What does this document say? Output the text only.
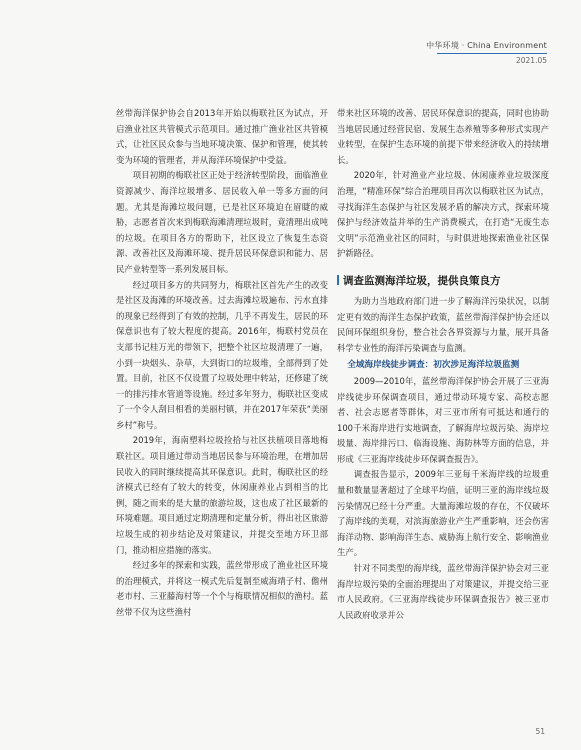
中华环境 · China Environment
2021.05

丝带海洋保护协会自2013年开始以梅联社区为试点，开启渔业社区共管模式示范项目。通过推广渔业社区共管模式，让社区民众参与当地环境决策、保护和管理，使其转变为环境的管理者，并从海洋环境保护中受益。

项目初期的梅联社区正处于经济转型阶段，面临渔业资源减少、海洋垃圾增多、居民收入单一等多方面的问题。尤其是海滩垃圾问题，已是社区环境迫在眉睫的威胁，志愿者首次来到梅联海滩清理垃圾时，竟清理出成吨的垃圾。在项目各方的帮助下，社区设立了恢复生态资源、改善社区及海滩环境、提升居民环保意识和能力、居民产业转型等一系列发展目标。

经过项目多方的共同努力，梅联社区首先产生的改变是社区及海滩的环境改善。过去海滩垃圾遍布、污水直排的现象已经得到了有效的控制，几乎不再发生，居民的环保意识也有了较大程度的提高。2016年，梅联村党员在支部书记桂万光的带领下，把整个社区垃圾清理了一遍，小到一块烟头、杂草，大到街口的垃圾堆，全部得到了处置。目前，社区不仅设置了垃圾处理中转站，还修建了统一的排污排水管道等设施。经过多年努力，梅联社区变成了一个令人刮目相看的美丽村镇，并在2017年荣获“美丽乡村”称号。

2019年，海南塑料垃圾捡拾与社区扶植项目落地梅联社区。项目通过带动当地居民参与环境治理，在增加居民收入的同时继续提高其环保意识。此时，梅联社区的经济模式已经有了较大的转变，休闲康养业占到相当的比例，随之而来的是大量的旅游垃圾，这也成了社区最新的环境难题。项目通过定期清理和定量分析，得出社区旅游垃圾生成的初步结论及对策建议，并提交至地方环卫部门，推动相应措施的落实。

经过多年的探索和实践，蓝丝带形成了渔业社区环境的治理模式，并将这一模式先后复制至威海靖子村、儋州老市村、三亚藤海村等一个个与梅联情况相似的渔村。蓝丝带不仅为这些渔村

带来社区环境的改善、居民环保意识的提高，同时也协助当地居民通过经营民宿、发展生态养殖等多种形式实现产业转型，在保护生态环境的前提下带来经济收入的持续增长。

2020年，针对渔业产业垃圾、休闲康养业垃圾深度治理，“精准环保”综合治理项目再次以梅联社区为试点，寻找海洋生态保护与社区发展矛盾的解决方式，探索环境保护与经济效益并举的生产消费模式，在打造“无废生态文明”示范渔业社区的同时，与时俱进地探索渔业社区保护新路径。

调查监测海洋垃圾，提供良策良方

为助力当地政府部门进一步了解海洋污染状况，以制定更有效的海洋生态保护政策，蓝丝带海洋保护协会还以民间环保组织身份，整合社会各界资源与力量，展开具备科学专业性的海洋污染调查与监测。

全域海岸线徒步调查：初次涉足海洋垃圾监测

2009—2010年，蓝丝带海洋保护协会开展了三亚海岸线徒步环保调查项目，通过带动环境专家、高校志愿者、社会志愿者等群体，对三亚市所有可抵达和通行的100千米海岸进行实地调查，了解海岸垃圾污染、海岸垃圾量、海岸排污口、临海设施、海防林等方面的信息，并形成《三亚海岸线徒步环保调查报告》。

调查报告显示，2009年三亚每千米海岸线的垃圾重量和数量显著超过了全球平均值，证明三亚的海岸线垃圾污染情况已经十分严重。大量海滩垃圾的存在，不仅破坏了海岸线的美观，对滨海旅游业产生严重影响，还会伤害海洋动物、影响海洋生态、威胁海上航行安全、影响渔业生产。

针对不同类型的海岸线，蓝丝带海洋保护协会对三亚海岸垃圾污染的全面治理提出了对策建议，并提交给三亚市人民政府。《三亚海岸线徒步环保调查报告》被三亚市人民政府收录并公

51
